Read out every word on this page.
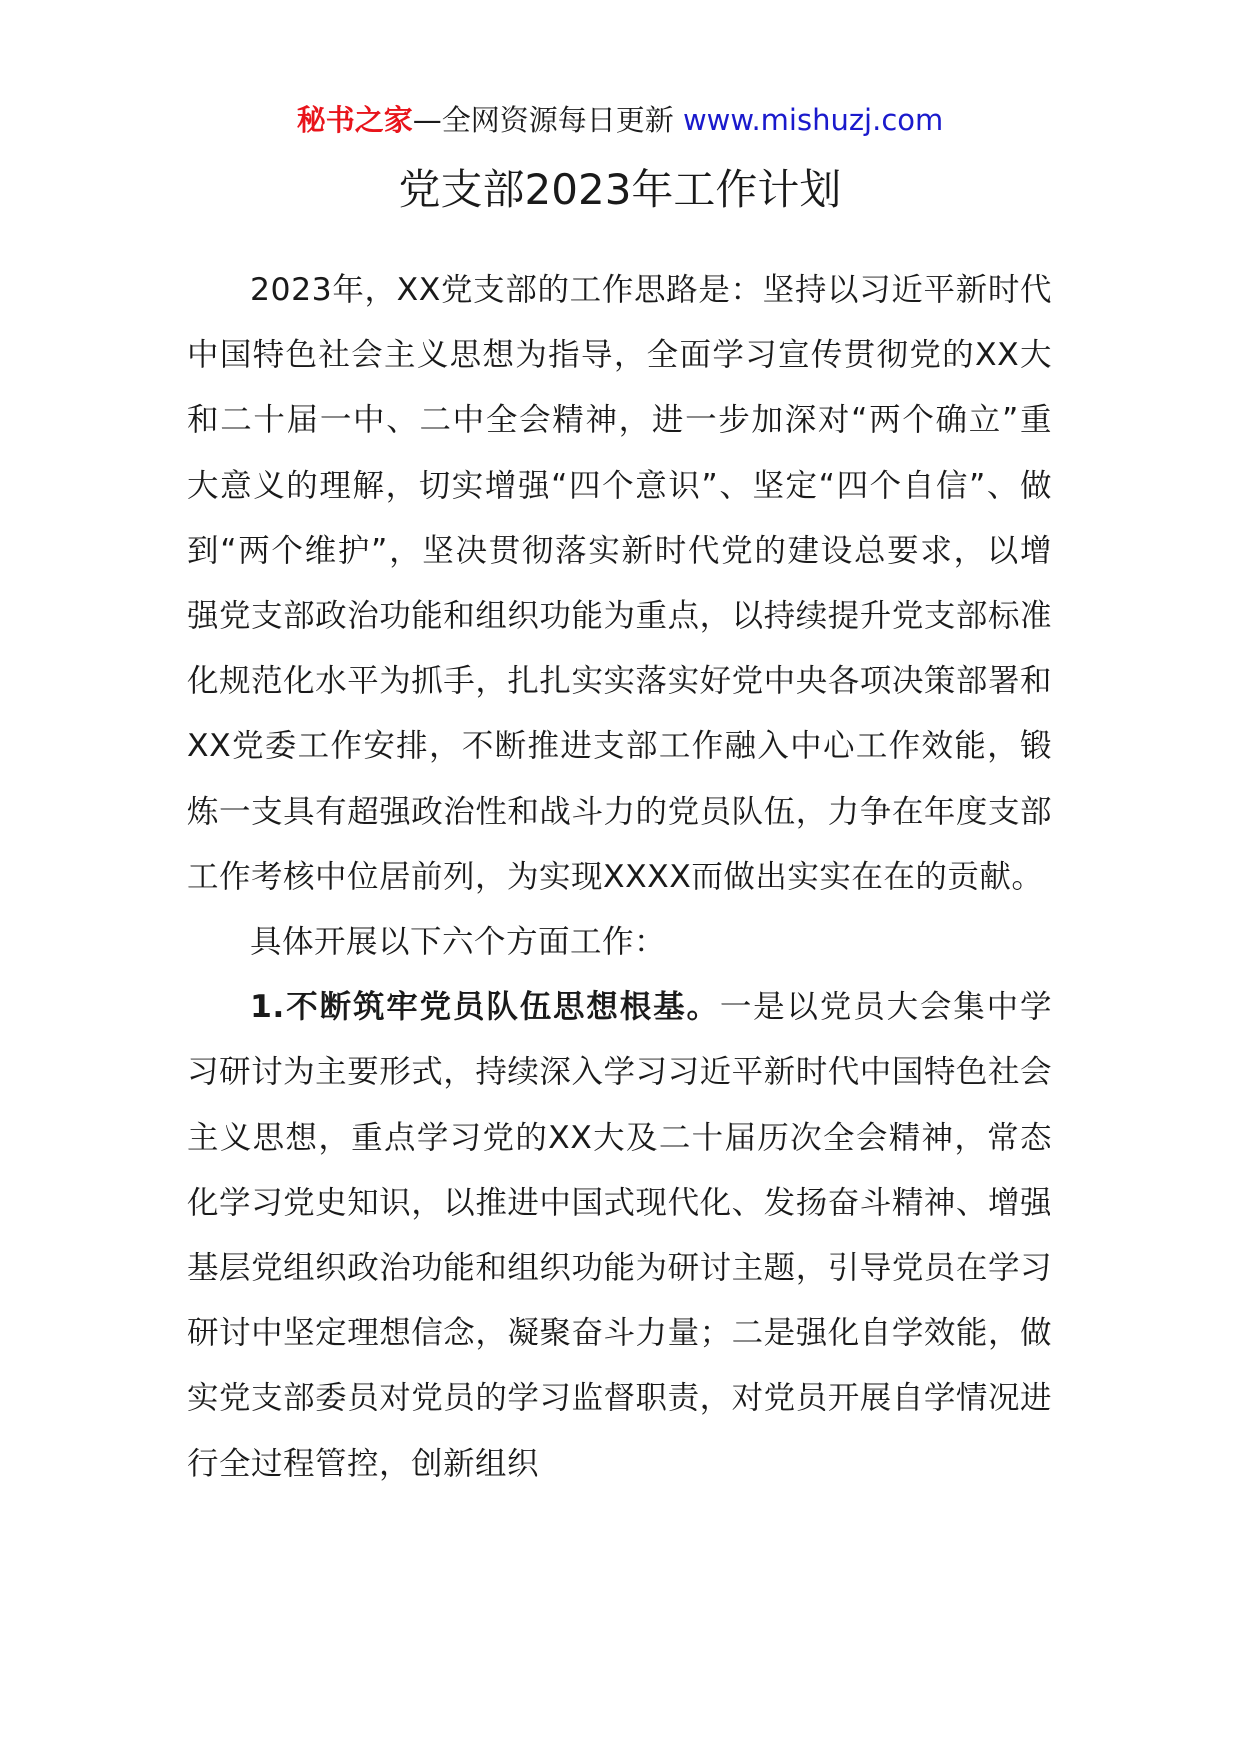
秘书之家—全网资源每日更新 www.mishuzj.com
党支部2023年工作计划

2023年，XX党支部的工作思路是：坚持以习近平新时代中国特色社会主义思想为指导，全面学习宣传贯彻党的XX大和二十届一中、二中全会精神，进一步加深对“两个确立”重大意义的理解，切实增强“四个意识”、坚定“四个自信”、做到“两个维护”，坚决贯彻落实新时代党的建设总要求，以增强党支部政治功能和组织功能为重点，以持续提升党支部标准化规范化水平为抓手，扎扎实实落实好党中央各项决策部署和XX党委工作安排，不断推进支部工作融入中心工作效能，锻炼一支具有超强政治性和战斗力的党员队伍，力争在年度支部工作考核中位居前列，为实现XXXX而做出实实在在的贡献。

具体开展以下六个方面工作：

1.不断筑牢党员队伍思想根基。一是以党员大会集中学习研讨为主要形式，持续深入学习习近平新时代中国特色社会主义思想，重点学习党的XX大及二十届历次全会精神，常态化学习党史知识，以推进中国式现代化、发扬奋斗精神、增强基层党组织政治功能和组织功能为研讨主题，引导党员在学习研讨中坚定理想信念，凝聚奋斗力量；二是强化自学效能，做实党支部委员对党员的学习监督职责，对党员开展自学情况进行全过程管控，创新组织
